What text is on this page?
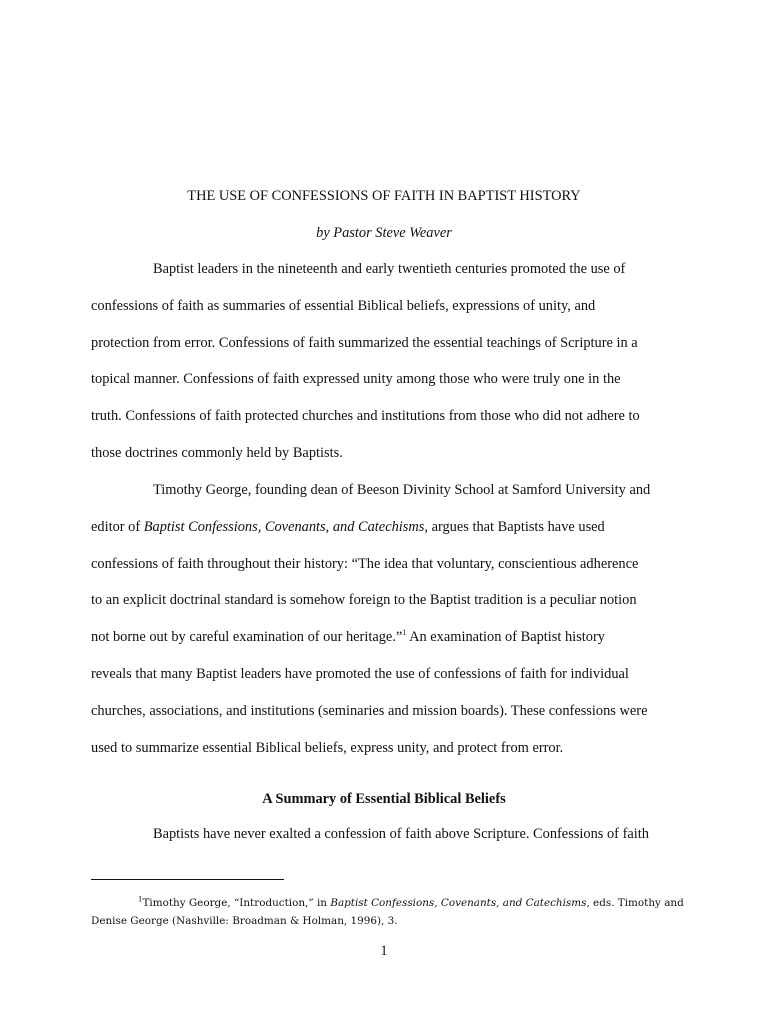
THE USE OF CONFESSIONS OF FAITH IN BAPTIST HISTORY
by Pastor Steve Weaver
Baptist leaders in the nineteenth and early twentieth centuries promoted the use of
confessions of faith as summaries of essential Biblical beliefs, expressions of unity, and
protection from error. Confessions of faith summarized the essential teachings of Scripture in a
topical manner. Confessions of faith expressed unity among those who were truly one in the
truth. Confessions of faith protected churches and institutions from those who did not adhere to
those doctrines commonly held by Baptists.
Timothy George, founding dean of Beeson Divinity School at Samford University and
editor of Baptist Confessions, Covenants, and Catechisms, argues that Baptists have used
confessions of faith throughout their history: “The idea that voluntary, conscientious adherence
to an explicit doctrinal standard is somehow foreign to the Baptist tradition is a peculiar notion
not borne out by careful examination of our heritage.”$^1$ An examination of Baptist history
reveals that many Baptist leaders have promoted the use of confessions of faith for individual
churches, associations, and institutions (seminaries and mission boards). These confessions were
used to summarize essential Biblical beliefs, express unity, and protect from error.
A Summary of Essential Biblical Beliefs
Baptists have never exalted a confession of faith above Scripture. Confessions of faith
$^1$Timothy George, “Introduction,” in Baptist Confessions, Covenants, and Catechisms, eds. Timothy and
Denise George (Nashville: Broadman & Holman, 1996), 3.
1
